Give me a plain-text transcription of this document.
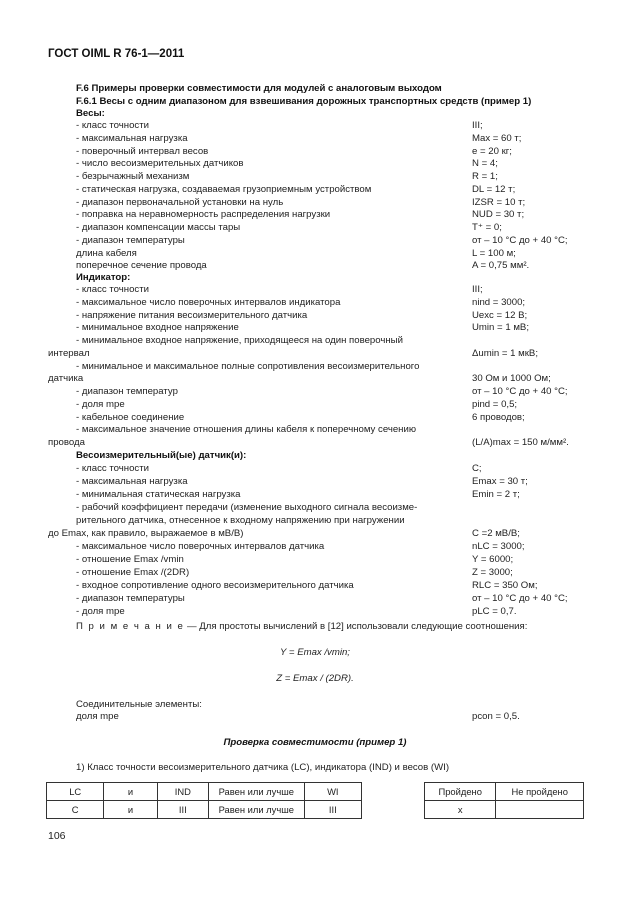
ГОСТ OIML R 76-1—2011
F.6 Примеры проверки совместимости для модулей с аналоговым выходом
F.6.1 Весы с одним диапазоном для взвешивания дорожных транспортных средств (пример 1)
Весы:
- класс точности	III;
- максимальная нагрузка	Max = 60 т;
- поверочный интервал весов	e = 20 кг;
- число весоизмерительных датчиков	N = 4;
- безрычажный механизм	R = 1;
- статическая нагрузка, создаваемая грузоприемным устройством	DL = 12 т;
- диапазон первоначальной установки на нуль	IZSR = 10 т;
- поправка на неравномерность распределения нагрузки	NUD = 30 т;
- диапазон компенсации массы тары	T⁺ = 0;
- диапазон температуры	от – 10 °С до + 40 °С;
длина кабеля	L = 100 м;
поперечное сечение провода	A = 0,75 мм².
Индикатор:
- класс точности	III;
- максимальное число поверочных интервалов индикатора	nind = 3000;
- напряжение питания весоизмерительного датчика	Uexc = 12 В;
- минимальное входное напряжение	Umin = 1 мВ;
- минимальное входное напряжение, приходящееся на один поверочный
интервал	Δumin = 1 мкВ;
- минимальное и максимальное полные сопротивления весоизмерительного
датчика	30 Ом и 1000 Ом;
- диапазон температур	от – 10 °С до + 40 °С;
- доля mpe	pind = 0,5;
- кабельное соединение	6 проводов;
- максимальное значение отношения длины кабеля к поперечному сечению
провода	(L/A)max = 150 м/мм².
Весоизмерительный(ые) датчик(и):
- класс точности	C;
- максимальная нагрузка	Emax = 30 т;
- минимальная статическая нагрузка	Emin = 2 т;
- рабочий коэффициент передачи (изменение выходного сигнала весоизме-
рительного датчика, отнесенное к входному напряжению при нагружении
до Emax, как правило, выражаемое в мВ/В)	C =2 мВ/В;
- максимальное число поверочных интервалов датчика	nLC = 3000;
- отношение Emax /vmin	Y = 6000;
- отношение Emax /(2DR)	Z = 3000;
- входное сопротивление одного весоизмерительного датчика	RLC = 350 Ом;
- диапазон температуры	от – 10 °С до + 40 °С;
- доля mpe	pLC = 0,7.
П р и м е ч а н и е — Для простоты вычислений в [12] использовали следующие соотношения:
Y = Emax /vmin;
Z = Emax / (2DR).
Соединительные элементы:
доля mpe	pcon = 0,5.
Проверка совместимости (пример 1)
1) Класс точности весоизмерительного датчика (LC), индикатора (IND) и весов (WI)
LC	и	IND	Равен или лучше	WI
C	и	III	Равен или лучше	III
Пройдено	Не пройдено
x	
106
